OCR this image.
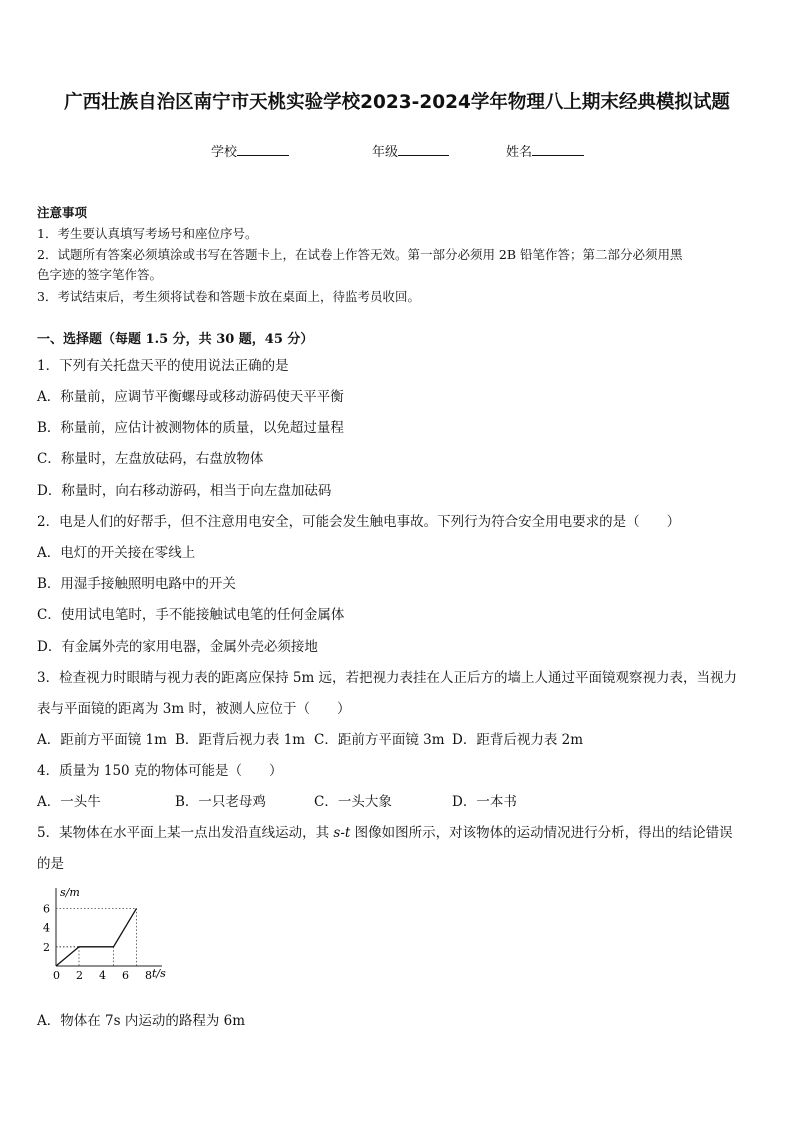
广西壮族自治区南宁市天桃实验学校2023-2024学年物理八上期末经典模拟试题
学校	年级	姓名
注意事项
1．考生要认真填写考场号和座位序号。
2．试题所有答案必须填涂或书写在答题卡上，在试卷上作答无效。第一部分必须用 2B 铅笔作答；第二部分必须用黑
色字迹的签字笔作答。
3．考试结束后，考生须将试卷和答题卡放在桌面上，待监考员收回。
一、选择题（每题 1.5 分，共 30 题，45 分）
1．下列有关托盘天平的使用说法正确的是
A．称量前，应调节平衡螺母或移动游码使天平平衡
B．称量前，应估计被测物体的质量，以免超过量程
C．称量时，左盘放砝码，右盘放物体
D．称量时，向右移动游码，相当于向左盘加砝码
2．电是人们的好帮手，但不注意用电安全，可能会发生触电事故。下列行为符合安全用电要求的是（　　）
A．电灯的开关接在零线上
B．用湿手接触照明电路中的开关
C．使用试电笔时，手不能接触试电笔的任何金属体
D．有金属外壳的家用电器，金属外壳必须接地
3．检查视力时眼睛与视力表的距离应保持 5m 远，若把视力表挂在人正后方的墙上人通过平面镜观察视力表，当视力
表与平面镜的距离为 3m 时，被测人应位于（　　）
A．距前方平面镜 1m B．距背后视力表 1m C．距前方平面镜 3m D．距背后视力表 2m
4．质量为 150 克的物体可能是（　　）
A．一头牛	B．一只老母鸡	C．一头大象	D．一本书
5．某物体在水平面上某一点出发沿直线运动，其 s-t 图像如图所示，对该物体的运动情况进行分析，得出的结论错误
的是
0 2 4 6 8
2
4
6
t/s
s/m
A．物体在 7s 内运动的路程为 6m
